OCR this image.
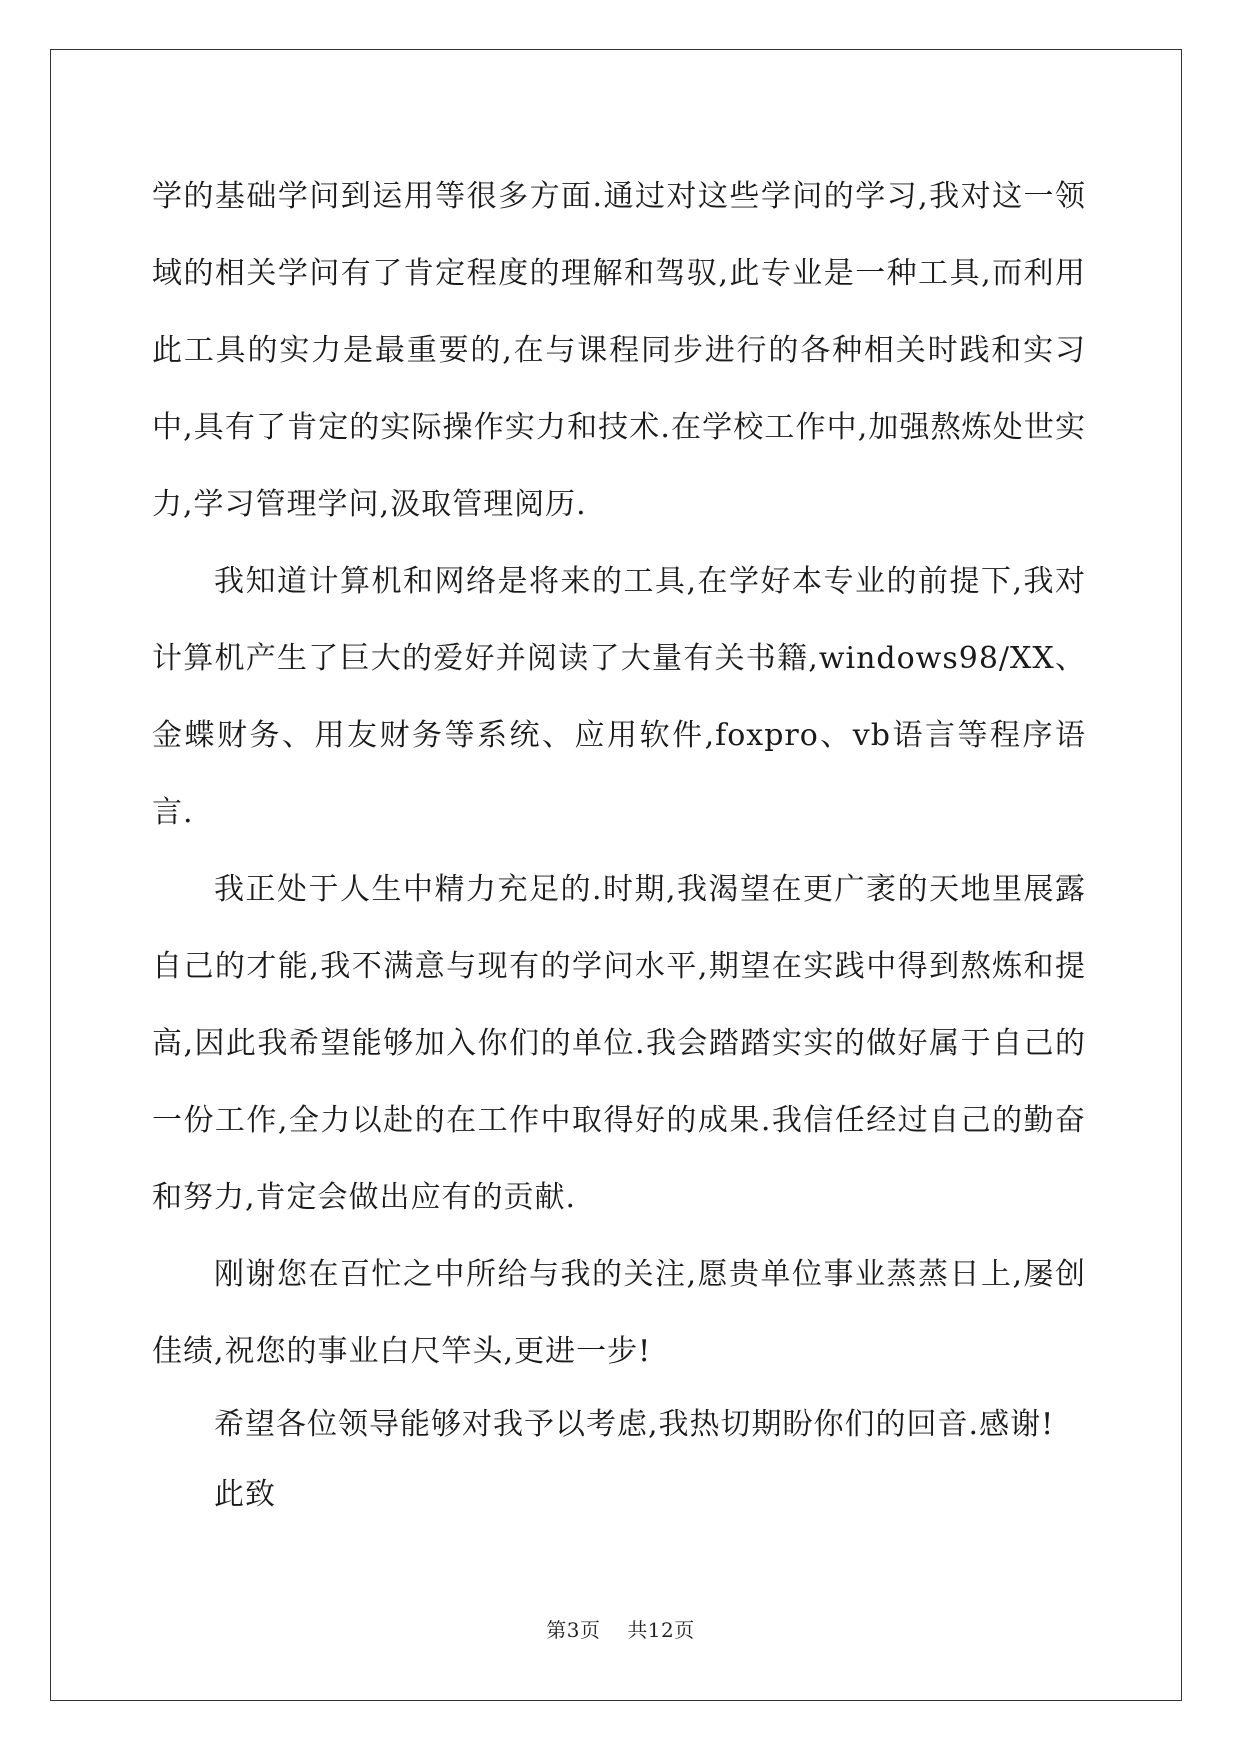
学的基础学问到运用等很多方面.通过对这些学问的学习,我对这一领域的相关学问有了肯定程度的理解和驾驭,此专业是一种工具,而利用此工具的实力是最重要的,在与课程同步进行的各种相关时践和实习中,具有了肯定的实际操作实力和技术.在学校工作中,加强熬炼处世实力,学习管理学问,汲取管理阅历.

我知道计算机和网络是将来的工具,在学好本专业的前提下,我对计算机产生了巨大的爱好并阅读了大量有关书籍,windows98/XX、金蝶财务、用友财务等系统、应用软件,foxpro、vb语言等程序语言.

我正处于人生中精力充足的.时期,我渴望在更广袤的天地里展露自己的才能,我不满意与现有的学问水平,期望在实践中得到熬炼和提高,因此我希望能够加入你们的单位.我会踏踏实实的做好属于自己的一份工作,全力以赴的在工作中取得好的成果.我信任经过自己的勤奋和努力,肯定会做出应有的贡献.

刚谢您在百忙之中所给与我的关注,愿贵单位事业蒸蒸日上,屡创佳绩,祝您的事业白尺竿头,更进一步!

希望各位领导能够对我予以考虑,我热切期盼你们的回音.感谢!

此致

第3页 共12页
